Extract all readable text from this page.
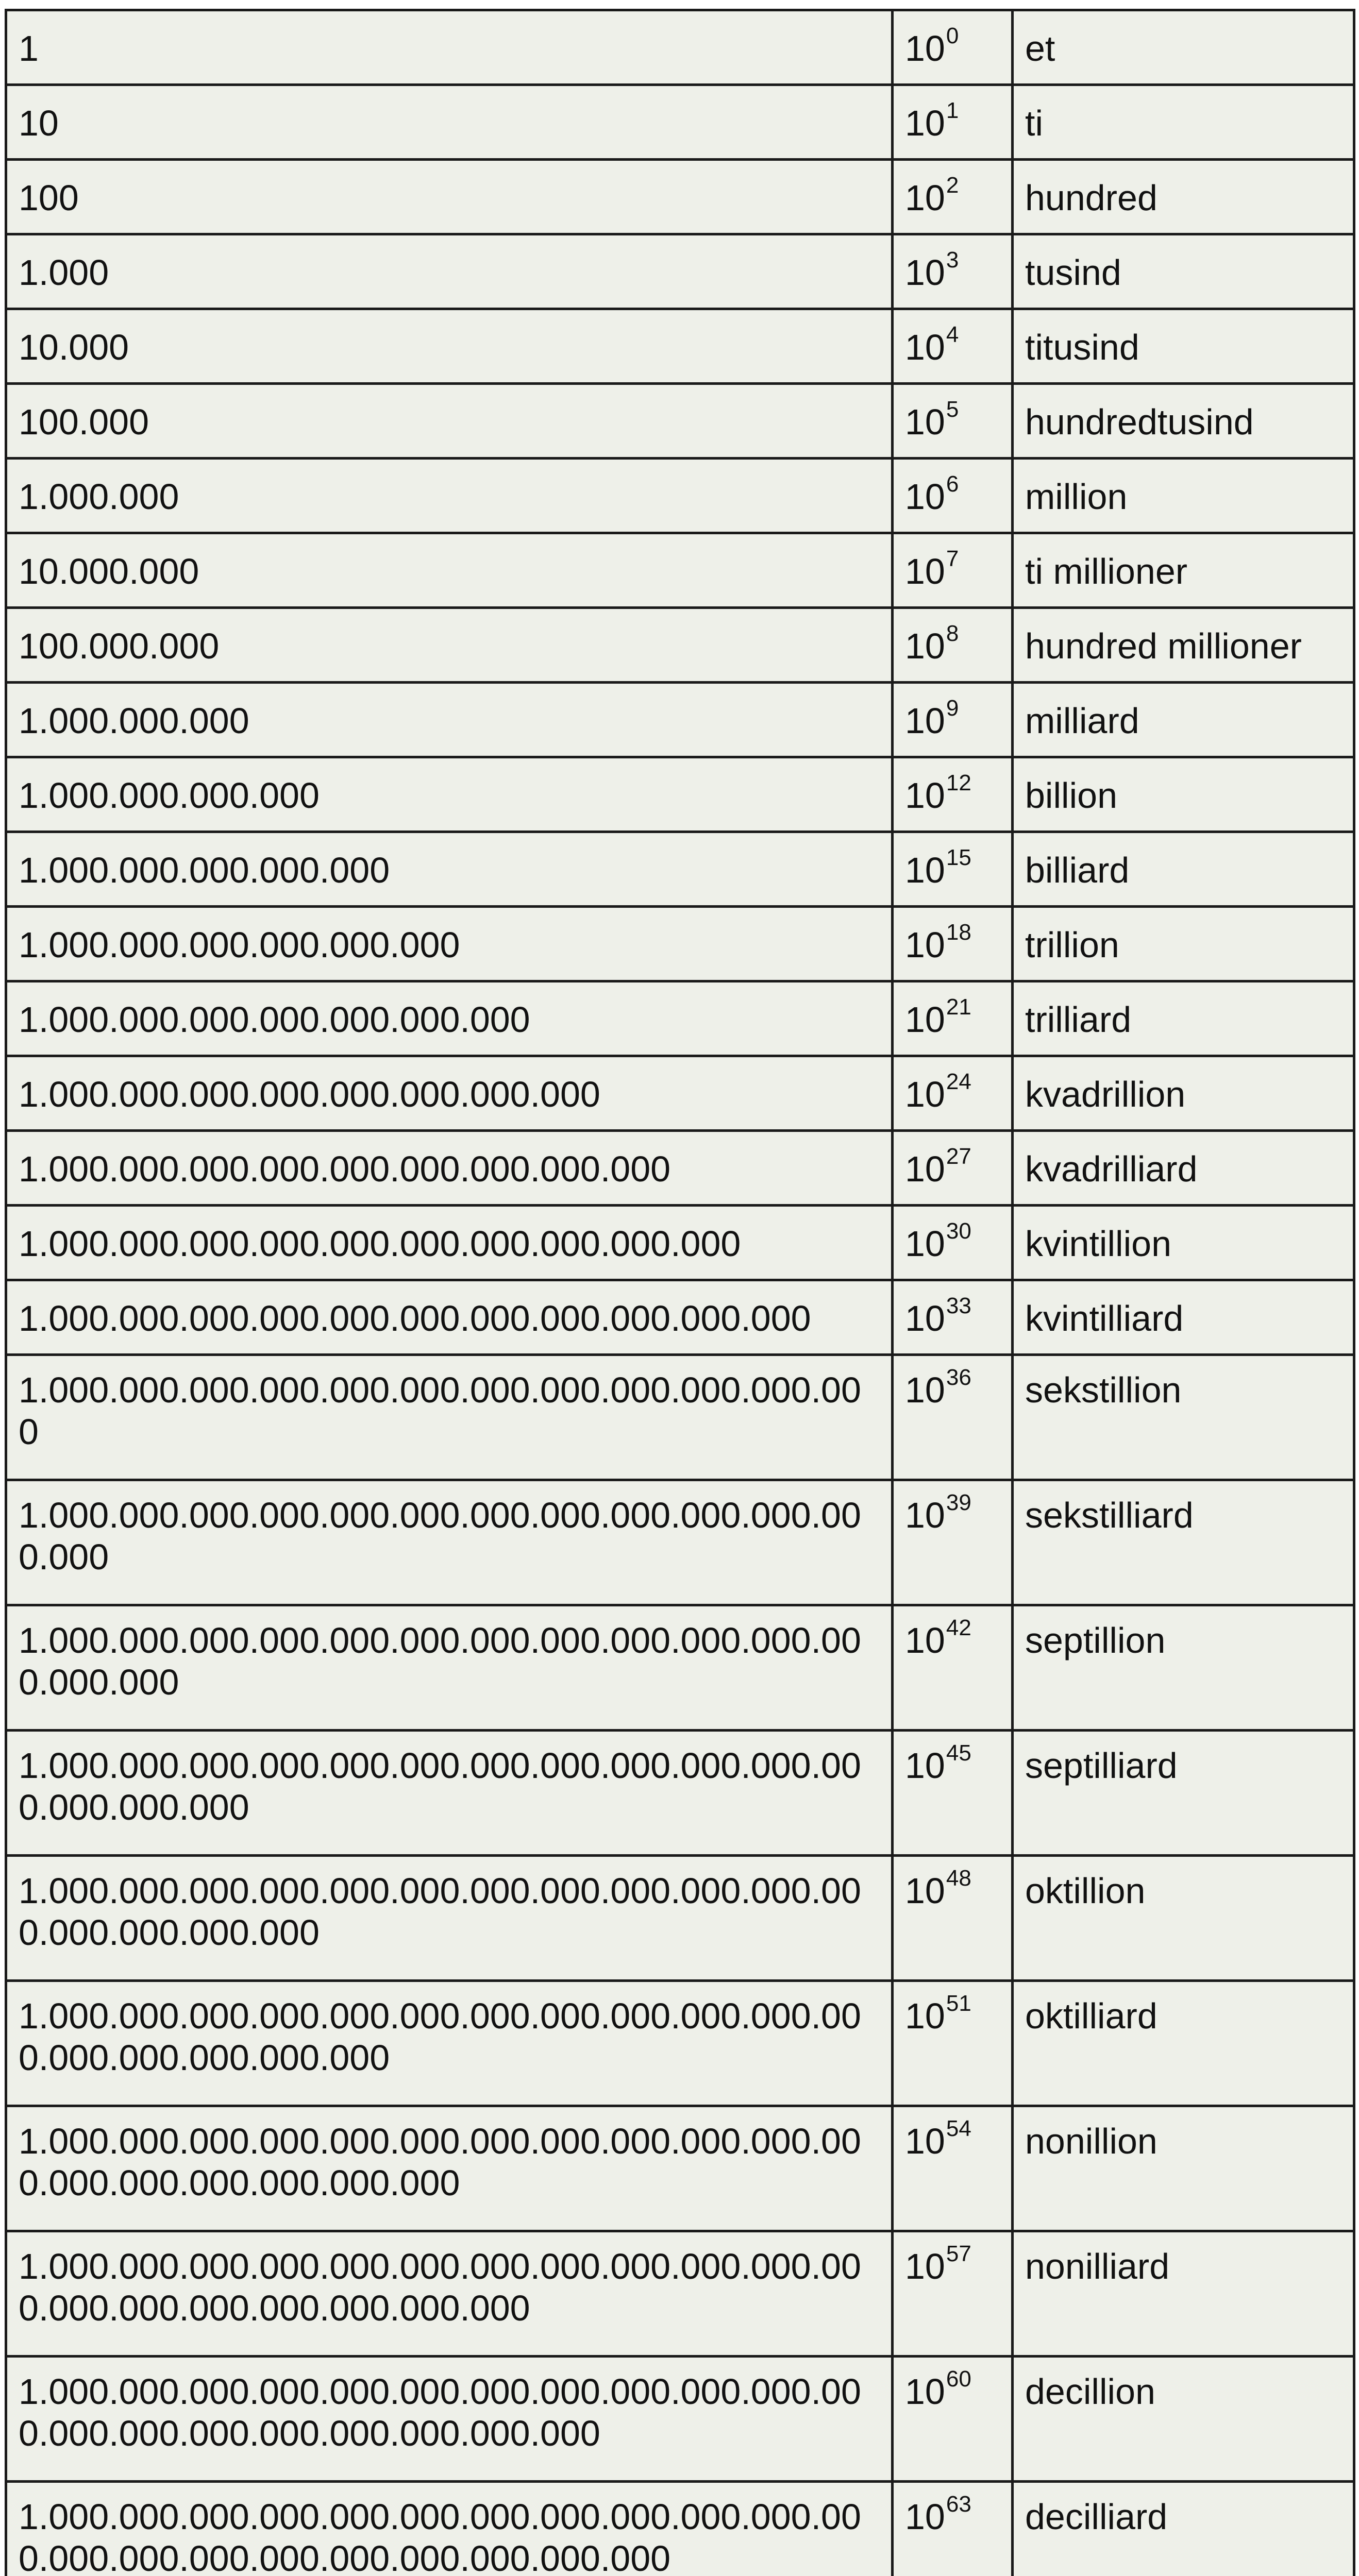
1	$10^0$	et
10	$10^1$	ti
100	$10^2$	hundred
1.000	$10^3$	tusind
10.000	$10^4$	titusind
100.000	$10^5$	hundredtusind
1.000.000	$10^6$	million
10.000.000	$10^7$	ti millioner
100.000.000	$10^8$	hundred millioner
1.000.000.000	$10^9$	milliard
1.000.000.000.000	$10^{12}$	billion
1.000.000.000.000.000	$10^{15}$	billiard
1.000.000.000.000.000.000	$10^{18}$	trillion
1.000.000.000.000.000.000.000	$10^{21}$	trilliard
1.000.000.000.000.000.000.000.000	$10^{24}$	kvadrillion
1.000.000.000.000.000.000.000.000.000	$10^{27}$	kvadrilliard
1.000.000.000.000.000.000.000.000.000.000	$10^{30}$	kvintillion
1.000.000.000.000.000.000.000.000.000.000.000	$10^{33}$	kvintilliard
1.000.000.000.000.000.000.000.000.000.000.000.000	$10^{36}$	sekstillion
1.000.000.000.000.000.000.000.000.000.000.000.000.000	$10^{39}$	sekstilliard
1.000.000.000.000.000.000.000.000.000.000.000.000.000.000	$10^{42}$	septillion
1.000.000.000.000.000.000.000.000.000.000.000.000.000.000.000	$10^{45}$	septilliard
1.000.000.000.000.000.000.000.000.000.000.000.000.000.000.000.000	$10^{48}$	oktillion
1.000.000.000.000.000.000.000.000.000.000.000.000.000.000.000.000.000	$10^{51}$	oktilliard
1.000.000.000.000.000.000.000.000.000.000.000.000.000.000.000.000.000.000	$10^{54}$	nonillion
1.000.000.000.000.000.000.000.000.000.000.000.000.000.000.000.000.000.000.000	$10^{57}$	nonilliard
1.000.000.000.000.000.000.000.000.000.000.000.000.000.000.000.000.000.000.000.000	$10^{60}$	decillion
1.000.000.000.000.000.000.000.000.000.000.000.000.000.000.000.000.000.000.000.000.000	$10^{63}$	decilliard
